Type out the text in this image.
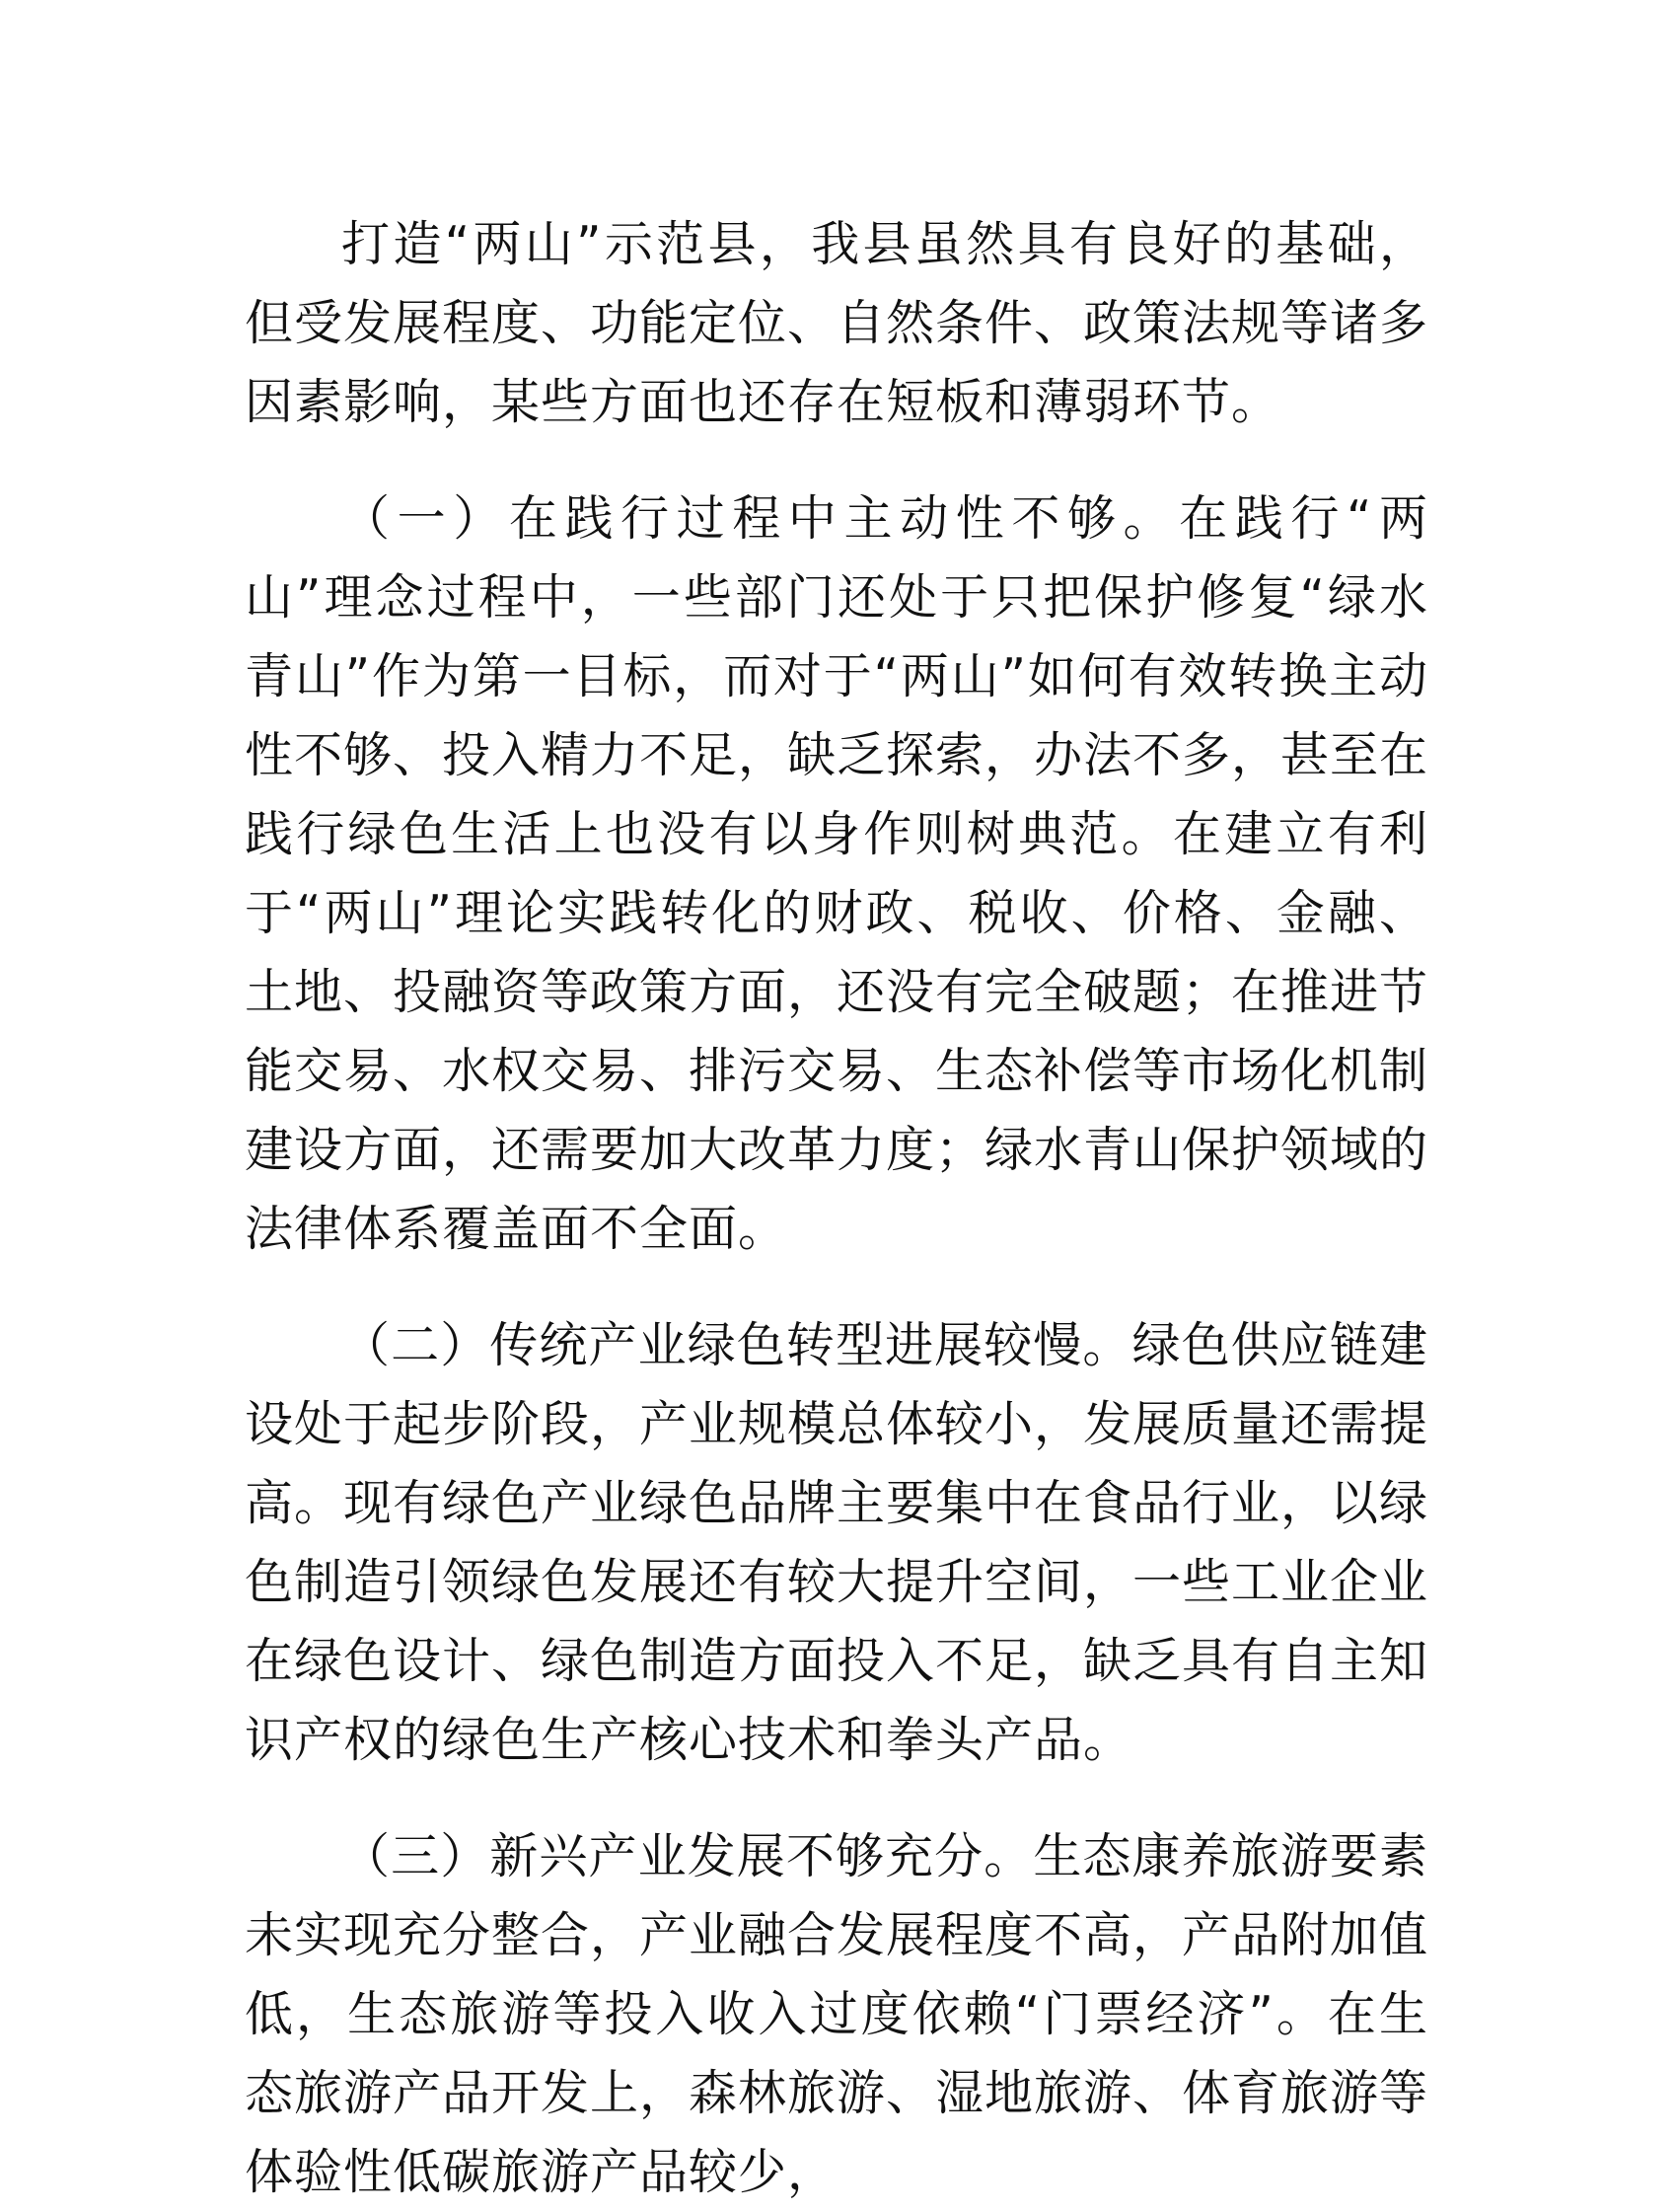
打造“两山”示范县，我县虽然具有良好的基础，但受发展程度、功能定位、自然条件、政策法规等诸多因素影响，某些方面也还存在短板和薄弱环节。

（一）在践行过程中主动性不够。在践行“两山”理念过程中，一些部门还处于只把保护修复“绿水青山”作为第一目标，而对于“两山”如何有效转换主动性不够、投入精力不足，缺乏探索，办法不多，甚至在践行绿色生活上也没有以身作则树典范。在建立有利于“两山”理论实践转化的财政、税收、价格、金融、土地、投融资等政策方面，还没有完全破题；在推进节能交易、水权交易、排污交易、生态补偿等市场化机制建设方面，还需要加大改革力度；绿水青山保护领域的法律体系覆盖面不全面。

（二）传统产业绿色转型进展较慢。绿色供应链建设处于起步阶段，产业规模总体较小，发展质量还需提高。现有绿色产业绿色品牌主要集中在食品行业，以绿色制造引领绿色发展还有较大提升空间，一些工业企业在绿色设计、绿色制造方面投入不足，缺乏具有自主知识产权的绿色生产核心技术和拳头产品。

（三）新兴产业发展不够充分。生态康养旅游要素未实现充分整合，产业融合发展程度不高，产品附加值低，生态旅游等投入收入过度依赖“门票经济”。在生态旅游产品开发上，森林旅游、湿地旅游、体育旅游等体验性低碳旅游产品较少，
